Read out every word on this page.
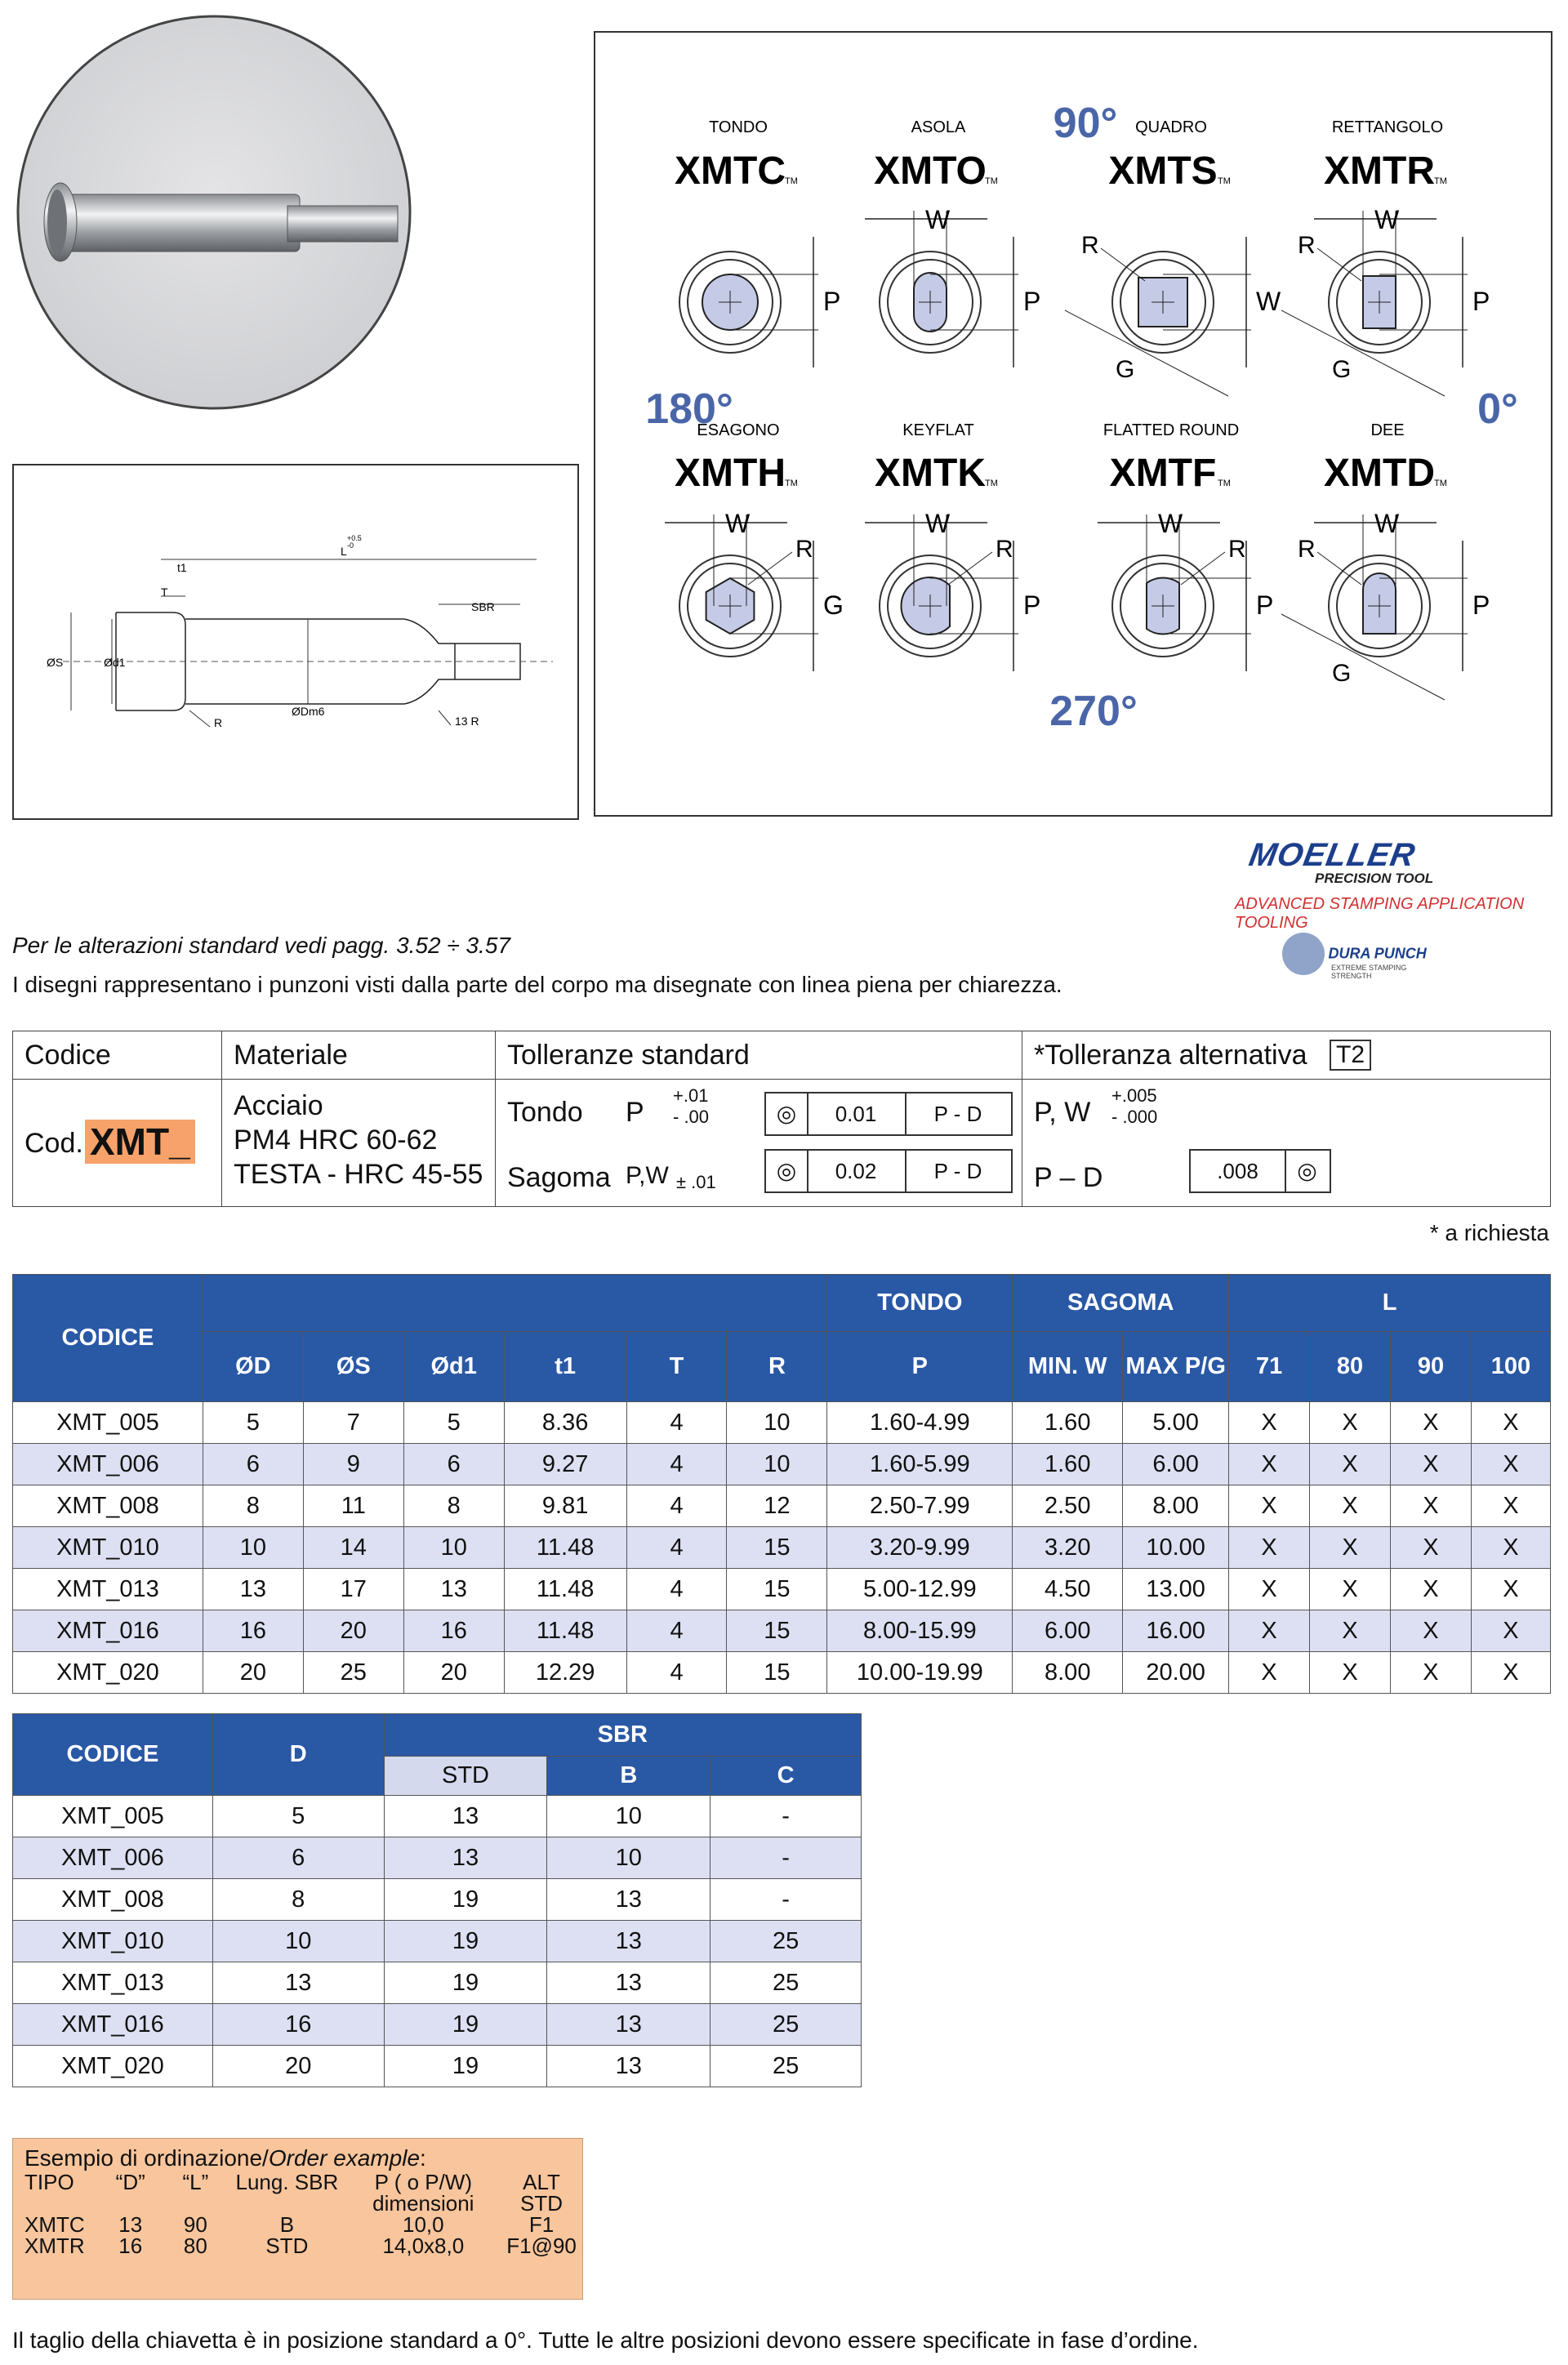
ØS	Ød1
t1
T
R
ØDm6
13 R
SBR
L
+0.5
-0
XMTC TM
P
TONDO
XMTO
TM
P
W
ASOLA
XMTS TM
W
R
G
QUADRO
XMTR TM
P
W
R
G
RETTANGOLO
XMTH TM
G
W
R
ESAGONO
XMTK TM
P
W
R
KEYFLAT
XMTF TM
P
W
R
FLATTED ROUND
XMTD TM
P
W
R
G
DEE
90°
180°	0°
270°
MOELLER
PRECISION TOOL
ADVANCED STAMPING APPLICATION TOOLING
DURA PUNCH
EXTREME STAMPING STRENGTH
Per le alterazioni standard vedi pagg. 3.52 ÷ 3.57
I disegni rappresentano i punzoni visti dalla parte del corpo ma disegnate con linea piena per chiarezza.
Codice	Materiale	Tolleranze standard	*Tolleranza alternativa T2
Cod. XMT_
Acciaio
PM4 HRC 60-62
TESTA - HRC 45-55
Tondo P
+.01
- .00	◎	0.01	P - D
Sagoma P,W ± .01	◎	0.02	P - D
P, W
+.005
- .000
P – D	.008	◎
* a richiesta
CODICE							TONDO	SAGOMA		L			
	ØD	ØS	Ød1	t1	T	R	P	MIN. W	MAX P/G	71	80	90	100
XMT_005	5	7	5	8.36	4	10	1.60-4.99	1.60	5.00	X	X	X	X
XMT_006	6	9	6	9.27	4	10	1.60-5.99	1.60	6.00	X	X	X	X
XMT_008	8	11	8	9.81	4	12	2.50-7.99	2.50	8.00	X	X	X	X
XMT_010	10	14	10	11.48	4	15	3.20-9.99	3.20	10.00	X	X	X	X
XMT_013	13	17	13	11.48	4	15	5.00-12.99	4.50	13.00	X	X	X	X
XMT_016	16	20	16	11.48	4	15	8.00-15.99	6.00	16.00	X	X	X	X
XMT_020	20	25	20	12.29	4	15	10.00-19.99	8.00	20.00	X	X	X	X
CODICE	D	SBR		
		STD	B	C
XMT_005	5	13	10	-
XMT_006	6	13	10	-
XMT_008	8	19	13	-
XMT_010	10	19	13	25
XMT_013	13	19	13	25
XMT_016	16	19	13	25
XMT_020	20	19	13	25
Esempio di ordinazione/Order example:
TIPO	“D”	“L”	Lung. SBR	P ( o P/W)	ALT
				dimensioni	STD
XMTC	13	90	B	10,0	F1
XMTR	16	80	STD	14,0x8,0	F1@90
Il taglio della chiavetta è in posizione standard a 0°. Tutte le altre posizioni devono essere specificate in fase d’ordine.
